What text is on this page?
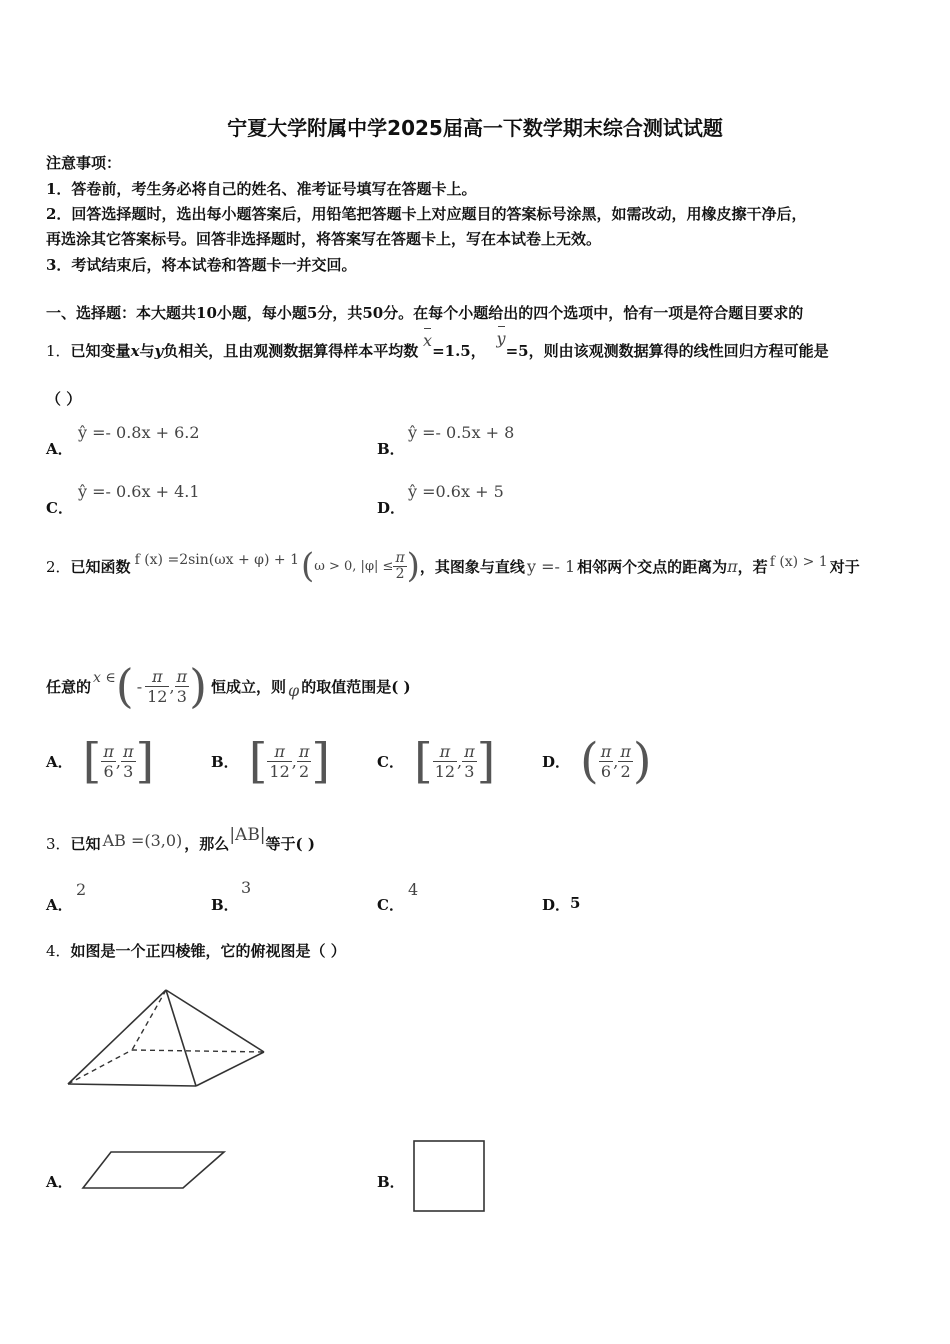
宁夏大学附属中学2025届高一下数学期末综合测试试题
注意事项：
1．答卷前，考生务必将自己的姓名、准考证号填写在答题卡上。
2．回答选择题时，选出每小题答案后，用铅笔把答题卡上对应题目的答案标号涂黑，如需改动，用橡皮擦干净后，
再选涂其它答案标号。回答非选择题时，将答案写在答题卡上，写在本试卷上无效。
3．考试结束后，将本试卷和答题卡一并交回。
一、选择题：本大题共10小题，每小题5分，共50分。在每个小题给出的四个选项中，恰有一项是符合题目要求的
1．已知变量x与y负相关，且由观测数据算得样本平均数 x=1.5， y=5，则由该观测数据算得的线性回归方程可能是
（ ）
A．
ŷ =- 0.8x + 6.2
B．
ŷ =- 0.5x + 8
C．
ŷ =- 0.6x + 4.1
D．
ŷ =0.6x + 5
2． 已知函数 f (x) =2sin(ωx + φ) + 1 ( ω > 0, $|\varphi| \le \frac{\pi}{2}$ ) ，其图象与直线 y =- 1 相邻两个交点的距离为 π ，若 f (x) > 1 对于
任意的 x ∈ ( - $\frac{\pi}{12}$ , $\frac{\pi}{3}$ ) 恒成立，则 φ 的取值范围是( )
A． [ $\frac{\pi}{6}$ , $\frac{\pi}{3}$ ]	B． [ $\frac{\pi}{12}$ , $\frac{\pi}{2}$ ]	C． [ $\frac{\pi}{12}$ , $\frac{\pi}{3}$ ]	D． ( $\frac{\pi}{6}$ , $\frac{\pi}{2}$ )
3． 已知 AB =(3,0) ，那么 |AB| 等于( )
A．
2
B．
3
C．
4
D． 5
4．如图是一个正四棱锥，它的俯视图是（ ）
A．	B．
